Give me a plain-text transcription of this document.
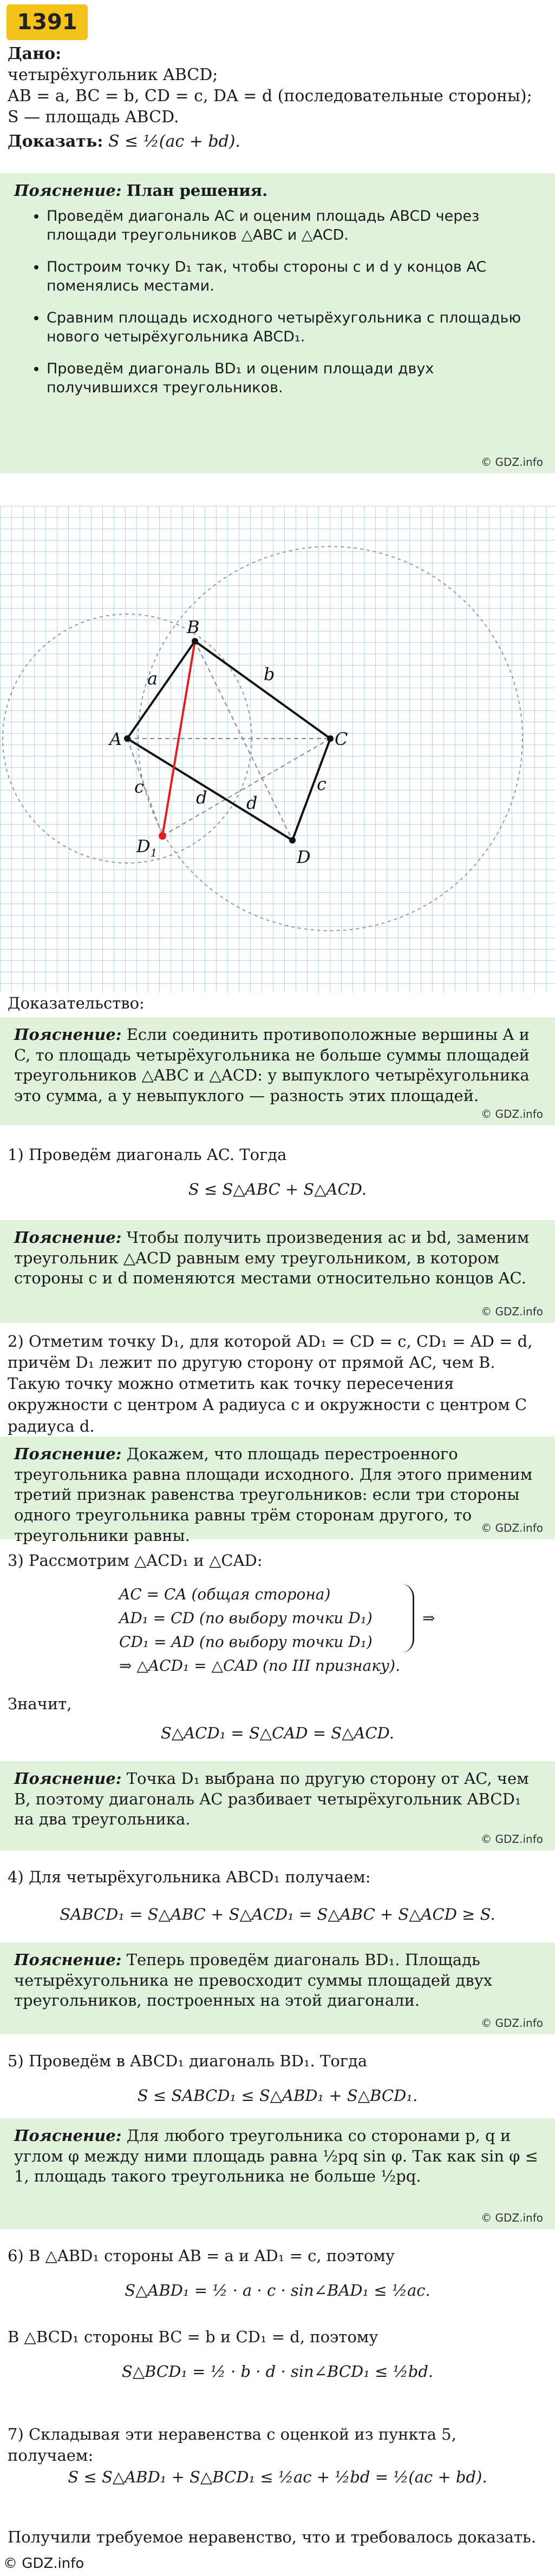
1391
Дано:
четырёхугольник ABCD;
AB = a, BC = b, CD = c, DA = d (последовательные стороны);
S — площадь ABCD.
Доказать: S ≤ ½(ac + bd).
Пояснение: План решения.
• Проведём диагональ AC и оценим площадь ABCD через площади треугольников △ABC и △ACD.
• Построим точку D₁ так, чтобы стороны c и d у концов AC поменялись местами.
• Сравним площадь исходного четырёхугольника с площадью нового четырёхугольника ABCD₁.
• Проведём диагональ BD₁ и оценим площади двух получившихся треугольников.
© GDZ.info
A
B
C
D
$D_1$
a	b
c	c
d d
Доказательство:
Пояснение: Если соединить противоположные вершины A и C, то площадь четырёхугольника не больше суммы площадей треугольников △ABC и △ACD: у выпуклого четырёхугольника это сумма, а у невыпуклого — разность этих площадей.
© GDZ.info
1) Проведём диагональ AC. Тогда
S ≤ S△ABC + S△ACD.
Пояснение: Чтобы получить произведения ac и bd, заменим треугольник △ACD равным ему треугольником, в котором стороны c и d поменяются местами относительно концов AC.
© GDZ.info
2) Отметим точку D₁, для которой AD₁ = CD = c, CD₁ = AD = d, причём D₁ лежит по другую сторону от прямой AC, чем B. Такую точку можно отметить как точку пересечения окружности с центром A радиуса c и окружности с центром C радиуса d.
Пояснение: Докажем, что площадь перестроенного треугольника равна площади исходного. Для этого применим третий признак равенства треугольников: если три стороны одного треугольника равны трём сторонам другого, то треугольники равны.	© GDZ.info
3) Рассмотрим △ACD₁ и △CAD:
AC = CA (общая сторона)
AD₁ = CD (по выбору точки D₁)
CD₁ = AD (по выбору точки D₁)
⇒ △ACD₁ = △CAD (по III признаку).
⇒
Значит,
S△ACD₁ = S△CAD = S△ACD.
Пояснение: Точка D₁ выбрана по другую сторону от AC, чем B, поэтому диагональ AC разбивает четырёхугольник ABCD₁ на два треугольника.
© GDZ.info
4) Для четырёхугольника ABCD₁ получаем:
SABCD₁ = S△ABC + S△ACD₁ = S△ABC + S△ACD ≥ S.
Пояснение: Теперь проведём диагональ BD₁. Площадь четырёхугольника не превосходит суммы площадей двух треугольников, построенных на этой диагонали.
© GDZ.info
5) Проведём в ABCD₁ диагональ BD₁. Тогда
S ≤ SABCD₁ ≤ S△ABD₁ + S△BCD₁.
Пояснение: Для любого треугольника со сторонами p, q и углом φ между ними площадь равна ½pq sin φ. Так как sin φ ≤ 1, площадь такого треугольника не больше ½pq.
© GDZ.info
6) В △ABD₁ стороны AB = a и AD₁ = c, поэтому
S△ABD₁ = ½ · a · c · sin∠BAD₁ ≤ ½ac.
В △BCD₁ стороны BC = b и CD₁ = d, поэтому
S△BCD₁ = ½ · b · d · sin∠BCD₁ ≤ ½bd.
7) Складывая эти неравенства с оценкой из пункта 5, получаем:
S ≤ S△ABD₁ + S△BCD₁ ≤ ½ac + ½bd = ½(ac + bd).
Получили требуемое неравенство, что и требовалось доказать.
© GDZ.info
